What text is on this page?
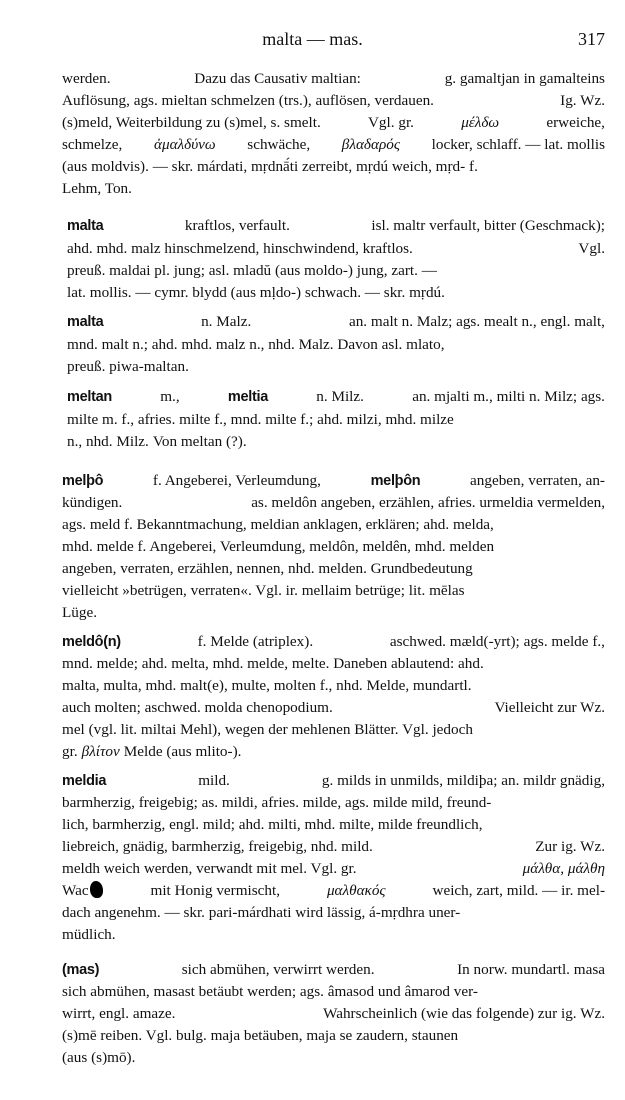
malta — mas.	317
werden.	Dazu das Causativ maltian:	g. gamaltjan in gamalteins
Auflösung, ags. mieltan schmelzen (trs.), auflösen, verdauen.	Ig. Wz.
(s)meld, Weiterbildung zu (s)mel, s. smelt.	Vgl. gr.	μέλδω	erweiche,
schmelze, ἀμαλδύνω schwäche, βλαδαρός locker, schlaff. — lat. mollis
(aus moldvis). — skr. márdati, mṛdnā́ti zerreibt, mṛdú weich, mṛd- f.
Lehm, Ton.
malta	kraftlos, verfault.	isl. maltr verfault, bitter (Geschmack);
ahd. mhd. malz hinschmelzend, hinschwindend, kraftlos.	Vgl.
preuß. maldai pl. jung; asl. mladŭ (aus moldo-) jung, zart. —
lat. mollis. — cymr. blydd (aus mḷdo-) schwach. — skr. mṛdú.
malta	n. Malz.	an. malt n. Malz; ags. mealt n., engl. malt,
mnd. malt n.; ahd. mhd. malz n., nhd. Malz. Davon asl. mlato,
preuß. piwa-maltan.
meltan	m.,	meltia	n. Milz.	an. mjalti m., milti n. Milz; ags.
milte m. f., afries. milte f., mnd. milte f.; ahd. milzi, mhd. milze
n., nhd. Milz. Von meltan (?).
melþô	f. Angeberei, Verleumdung,	melþôn	angeben, verraten, an-
kündigen.	as. meldôn angeben, erzählen, afries. urmeldia vermelden,
ags. meld f. Bekanntmachung, meldian anklagen, erklären; ahd. melda,
mhd. melde f. Angeberei, Verleumdung, meldôn, meldên, mhd. melden
angeben, verraten, erzählen, nennen, nhd. melden. Grundbedeutung
vielleicht »betrügen, verraten«. Vgl. ir. mellaim betrüge; lit. mēlas
Lüge.
meldô(n)	f. Melde (atriplex).	aschwed. mæld(-yrt); ags. melde f.,
mnd. melde; ahd. melta, mhd. melde, melte. Daneben ablautend: ahd.
malta, multa, mhd. malt(e), multe, molten f., nhd. Melde, mundartl.
auch molten; aschwed. molda chenopodium.	Vielleicht zur Wz.
mel (vgl. lit. miltai Mehl), wegen der mehlenen Blätter. Vgl. jedoch
gr. βλίτον Melde (aus mlito-).
meldia	mild.	g. milds in unmilds, mildiþa; an. mildr gnädig,
barmherzig, freigebig; as. mildi, afries. milde, ags. milde mild, freund-
lich, barmherzig, engl. mild; ahd. milti, mhd. milte, milde freundlich,
liebreich, gnädig, barmherzig, freigebig, nhd. mild.	Zur ig. Wz.
meldh weich werden, verwandt mit mel. Vgl. gr.	μάλθα, μάλθη
Wac	mit Honig vermischt,	μαλθακός	weich, zart, mild. — ir. mel-
dach angenehm. — skr. pari-márdhati wird lässig, á-mṛdhra uner-
müdlich.
(mas)	sich abmühen, verwirrt werden.	In norw. mundartl. masa
sich abmühen, masast betäubt werden; ags. âmasod und âmarod ver-
wirrt, engl. amaze.	Wahrscheinlich (wie das folgende) zur ig. Wz.
(s)mē reiben. Vgl. bulg. maja betäuben, maja se zaudern, staunen
(aus (s)mō).
